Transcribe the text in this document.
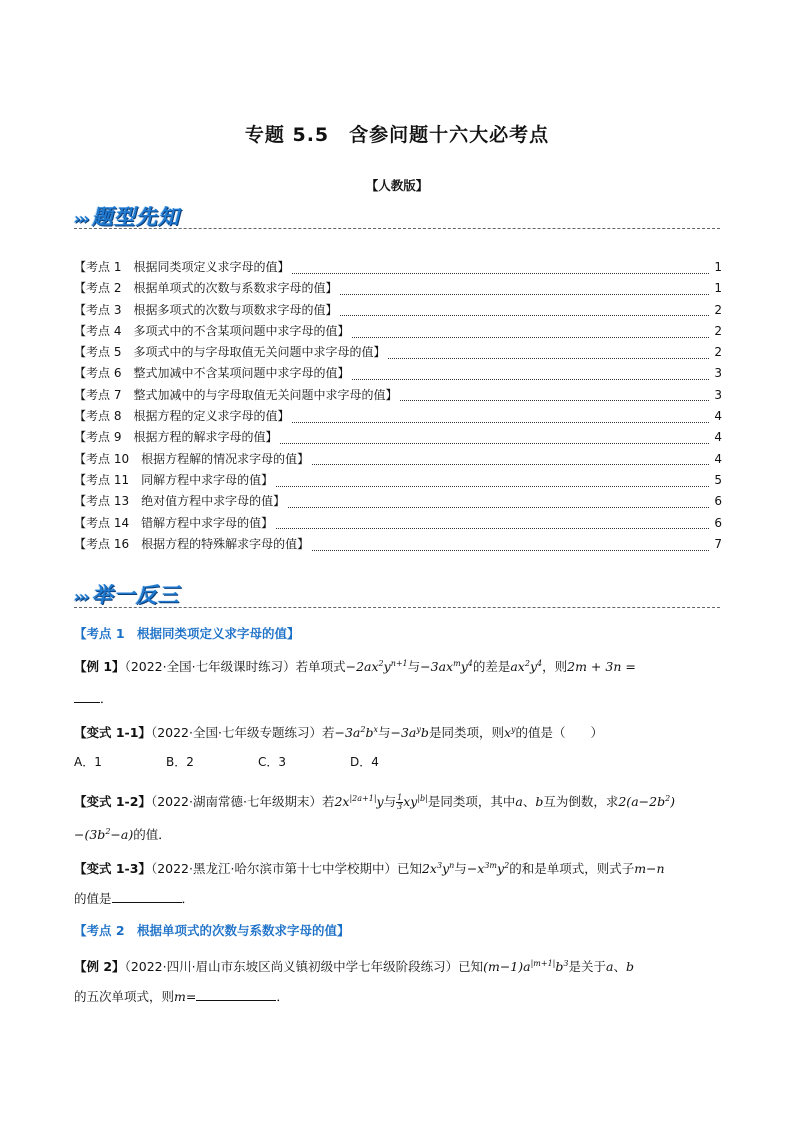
专题 5.5　含参问题十六大必考点
【人教版】
››› 题型先知
【考点 1 根据同类项定义求字母的值】	1
【考点 2 根据单项式的次数与系数求字母的值】	1
【考点 3 根据多项式的次数与项数求字母的值】	2
【考点 4 多项式中的不含某项问题中求字母的值】	2
【考点 5 多项式中的与字母取值无关问题中求字母的值】	2
【考点 6 整式加减中不含某项问题中求字母的值】	3
【考点 7 整式加减中的与字母取值无关问题中求字母的值】	3
【考点 8 根据方程的定义求字母的值】	4
【考点 9 根据方程的解求字母的值】	4
【考点 10 根据方程解的情况求字母的值】	4
【考点 11 同解方程中求字母的值】	5
【考点 13 绝对值方程中求字母的值】	6
【考点 14 错解方程中求字母的值】	6
【考点 16 根据方程的特殊解求字母的值】	7
››› 举一反三
【考点 1　根据同类项定义求字母的值】
【例 1】（2022·全国·七年级课时练习）若单项式$-2ax^2y^{n+1}$与$-3ax^my^4$的差是$ax^2y^4$，则2m + 3n =
．
【变式 1-1】（2022·全国·七年级专题练习）若$-3a^2b^x$与$-3a^yb$是同类项，则$x^y$的值是（　　）
A．1	B．2	C．3	D．4
【变式 1-2】（2022·湖南常德·七年级期末）若$2x^{|2a+1|}y$与 $\frac{1}{3} xy^{|b|}$是同类项，其中a、b互为倒数，求$2(a-2b^2)$
$-(3b^2-a)$的值．
【变式 1-3】（2022·黑龙江·哈尔滨市第十七中学校期中）已知$2x^3y^n$与$-x^{3m}y^2$的和是单项式，则式子m−n
的值是	．
【考点 2　根据单项式的次数与系数求字母的值】
【例 2】（2022·四川·眉山市东坡区尚义镇初级中学七年级阶段练习）已知$(m-1)a^{|m+1|}b^3$是关于a、b
的五次单项式，则m=	．
